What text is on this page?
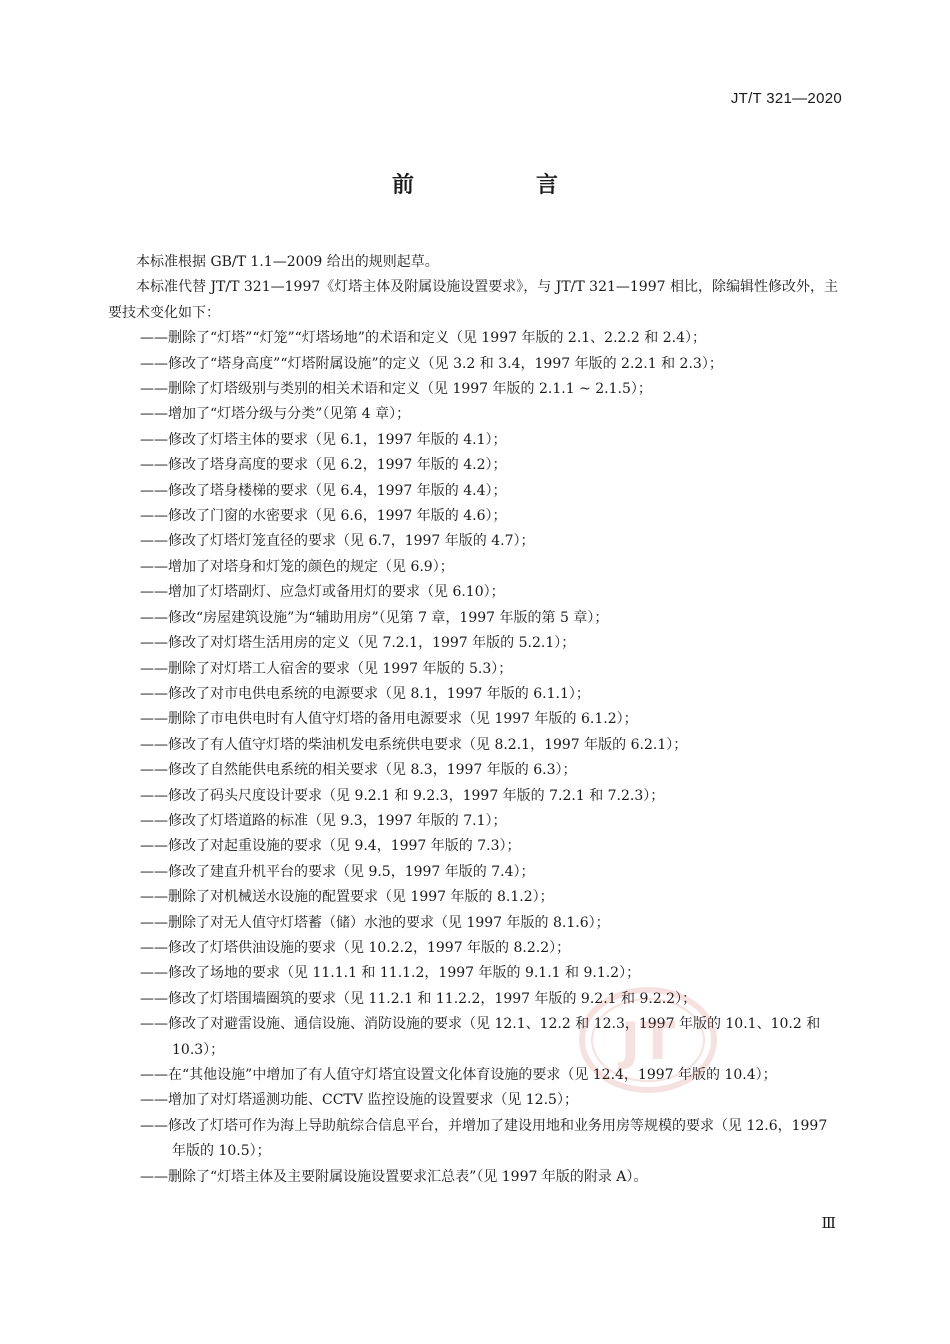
JT/T 321—2020
前　言

本标准根据 GB/T 1.1—2009 给出的规则起草。

本标准代替 JT/T 321—1997《灯塔主体及附属设施设置要求》，与 JT/T 321—1997 相比，除编辑性修改外，主要技术变化如下：

——删除了“灯塔”“灯笼”“灯塔场地”的术语和定义（见 1997 年版的 2.1、2.2.2 和 2.4）；
——修改了“塔身高度”“灯塔附属设施”的定义（见 3.2 和 3.4，1997 年版的 2.2.1 和 2.3）；
——删除了灯塔级别与类别的相关术语和定义（见 1997 年版的 2.1.1 ~ 2.1.5）；
——增加了“灯塔分级与分类”（见第 4 章）；
——修改了灯塔主体的要求（见 6.1，1997 年版的 4.1）；
——修改了塔身高度的要求（见 6.2，1997 年版的 4.2）；
——修改了塔身楼梯的要求（见 6.4，1997 年版的 4.4）；
——修改了门窗的水密要求（见 6.6，1997 年版的 4.6）；
——修改了灯塔灯笼直径的要求（见 6.7，1997 年版的 4.7）；
——增加了对塔身和灯笼的颜色的规定（见 6.9）；
——增加了灯塔副灯、应急灯或备用灯的要求（见 6.10）；
——修改“房屋建筑设施”为“辅助用房”（见第 7 章，1997 年版的第 5 章）；
——修改了对灯塔生活用房的定义（见 7.2.1，1997 年版的 5.2.1）；
——删除了对灯塔工人宿舍的要求（见 1997 年版的 5.3）；
——修改了对市电供电系统的电源要求（见 8.1，1997 年版的 6.1.1）；
——删除了市电供电时有人值守灯塔的备用电源要求（见 1997 年版的 6.1.2）；
——修改了有人值守灯塔的柴油机发电系统供电要求（见 8.2.1，1997 年版的 6.2.1）；
——修改了自然能供电系统的相关要求（见 8.3，1997 年版的 6.3）；
——修改了码头尺度设计要求（见 9.2.1 和 9.2.3，1997 年版的 7.2.1 和 7.2.3）；
——修改了灯塔道路的标准（见 9.3，1997 年版的 7.1）；
——修改了对起重设施的要求（见 9.4，1997 年版的 7.3）；
——修改了建直升机平台的要求（见 9.5，1997 年版的 7.4）；
——删除了对机械送水设施的配置要求（见 1997 年版的 8.1.2）；
——删除了对无人值守灯塔蓄（储）水池的要求（见 1997 年版的 8.1.6）；
——修改了灯塔供油设施的要求（见 10.2.2，1997 年版的 8.2.2）；
——修改了场地的要求（见 11.1.1 和 11.1.2，1997 年版的 9.1.1 和 9.1.2）；
——修改了灯塔围墙圈筑的要求（见 11.2.1 和 11.2.2，1997 年版的 9.2.1 和 9.2.2）；
——修改了对避雷设施、通信设施、消防设施的要求（见 12.1、12.2 和 12.3，1997 年版的 10.1、10.2 和 10.3）；
——在“其他设施”中增加了有人值守灯塔宜设置文化体育设施的要求（见 12.4，1997 年版的 10.4）；
——增加了对灯塔遥测功能、CCTV 监控设施的设置要求（见 12.5）；
——修改了灯塔可作为海上导助航综合信息平台，并增加了建设用地和业务用房等规模的要求（见 12.6，1997 年版的 10.5）；
——删除了“灯塔主体及主要附属设施设置要求汇总表”（见 1997 年版的附录 A）。
JT
Ⅲ
